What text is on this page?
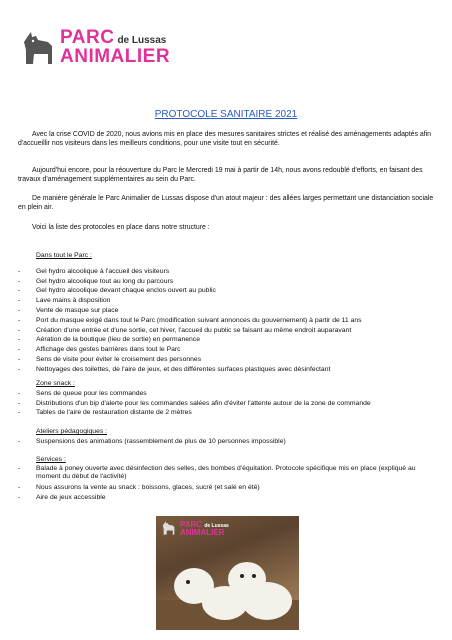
PARC de Lussas
ANIMALIER
PROTOCOLE SANITAIRE 2021
Avec la crise COVID de 2020, nous avions mis en place des mesures sanitaires strictes et réalisé des aménagements adaptés afin d'accueillir nos visiteurs dans les meilleurs conditions, pour une visite tout en sécurité.
Aujourd'hui encore, pour la réouverture du Parc le Mercredi 19 mai à partir de 14h, nous avons redoublé d'efforts, en faisant des travaux d'aménagement supplémentaires au sein du Parc.
De manière générale le Parc Animalier de Lussas dispose d'un atout majeur : des allées larges permettant une distanciation sociale en plein air.
Voici la liste des protocoles en place dans notre structure :
Dans tout le Parc :
- Gel hydro alcoolique à l'accueil des visiteurs
- Gel hydro alcoolique tout au long du parcours
- Gel hydro alcoolique devant chaque enclos ouvert au public
- Lave mains à disposition
- Vente de masque sur place
- Port du masque exigé dans tout le Parc (modification suivant annonces du gouvernement) à partir de 11 ans
- Création d'une entrée et d'une sortie, cet hiver, l'accueil du public se faisant au même endroit auparavant
- Aération de la boutique (lieu de sortie) en permanence
- Affichage des gestes barrières dans tout le Parc
- Sens de visite pour éviter le croisement des personnes
- Nettoyages des toilettes, de l'aire de jeux, et des différentes surfaces plastiques avec désinfectant
Zone snack :
- Sens de queue pour les commandes
- Distributions d'un bip d'alerte pour les commandes salées afin d'éviter l'attente autour de la zone de commande
- Tables de l'aire de restauration distante de 2 mètres
Ateliers pédagogiques :
- Suspensions des animations (rassemblement de plus de 10 personnes impossible)
Services :
- Balade à poney ouverte avec désinfection des selles, des bombes d'équitation. Protocole spécifique mis en place (expliqué au moment du début de l'activité)
- Nous assurons la vente au snack : boissons, glaces, sucré (et salé en été)
- Aire de jeux accessible
PARC de Lussas
ANIMALIER
